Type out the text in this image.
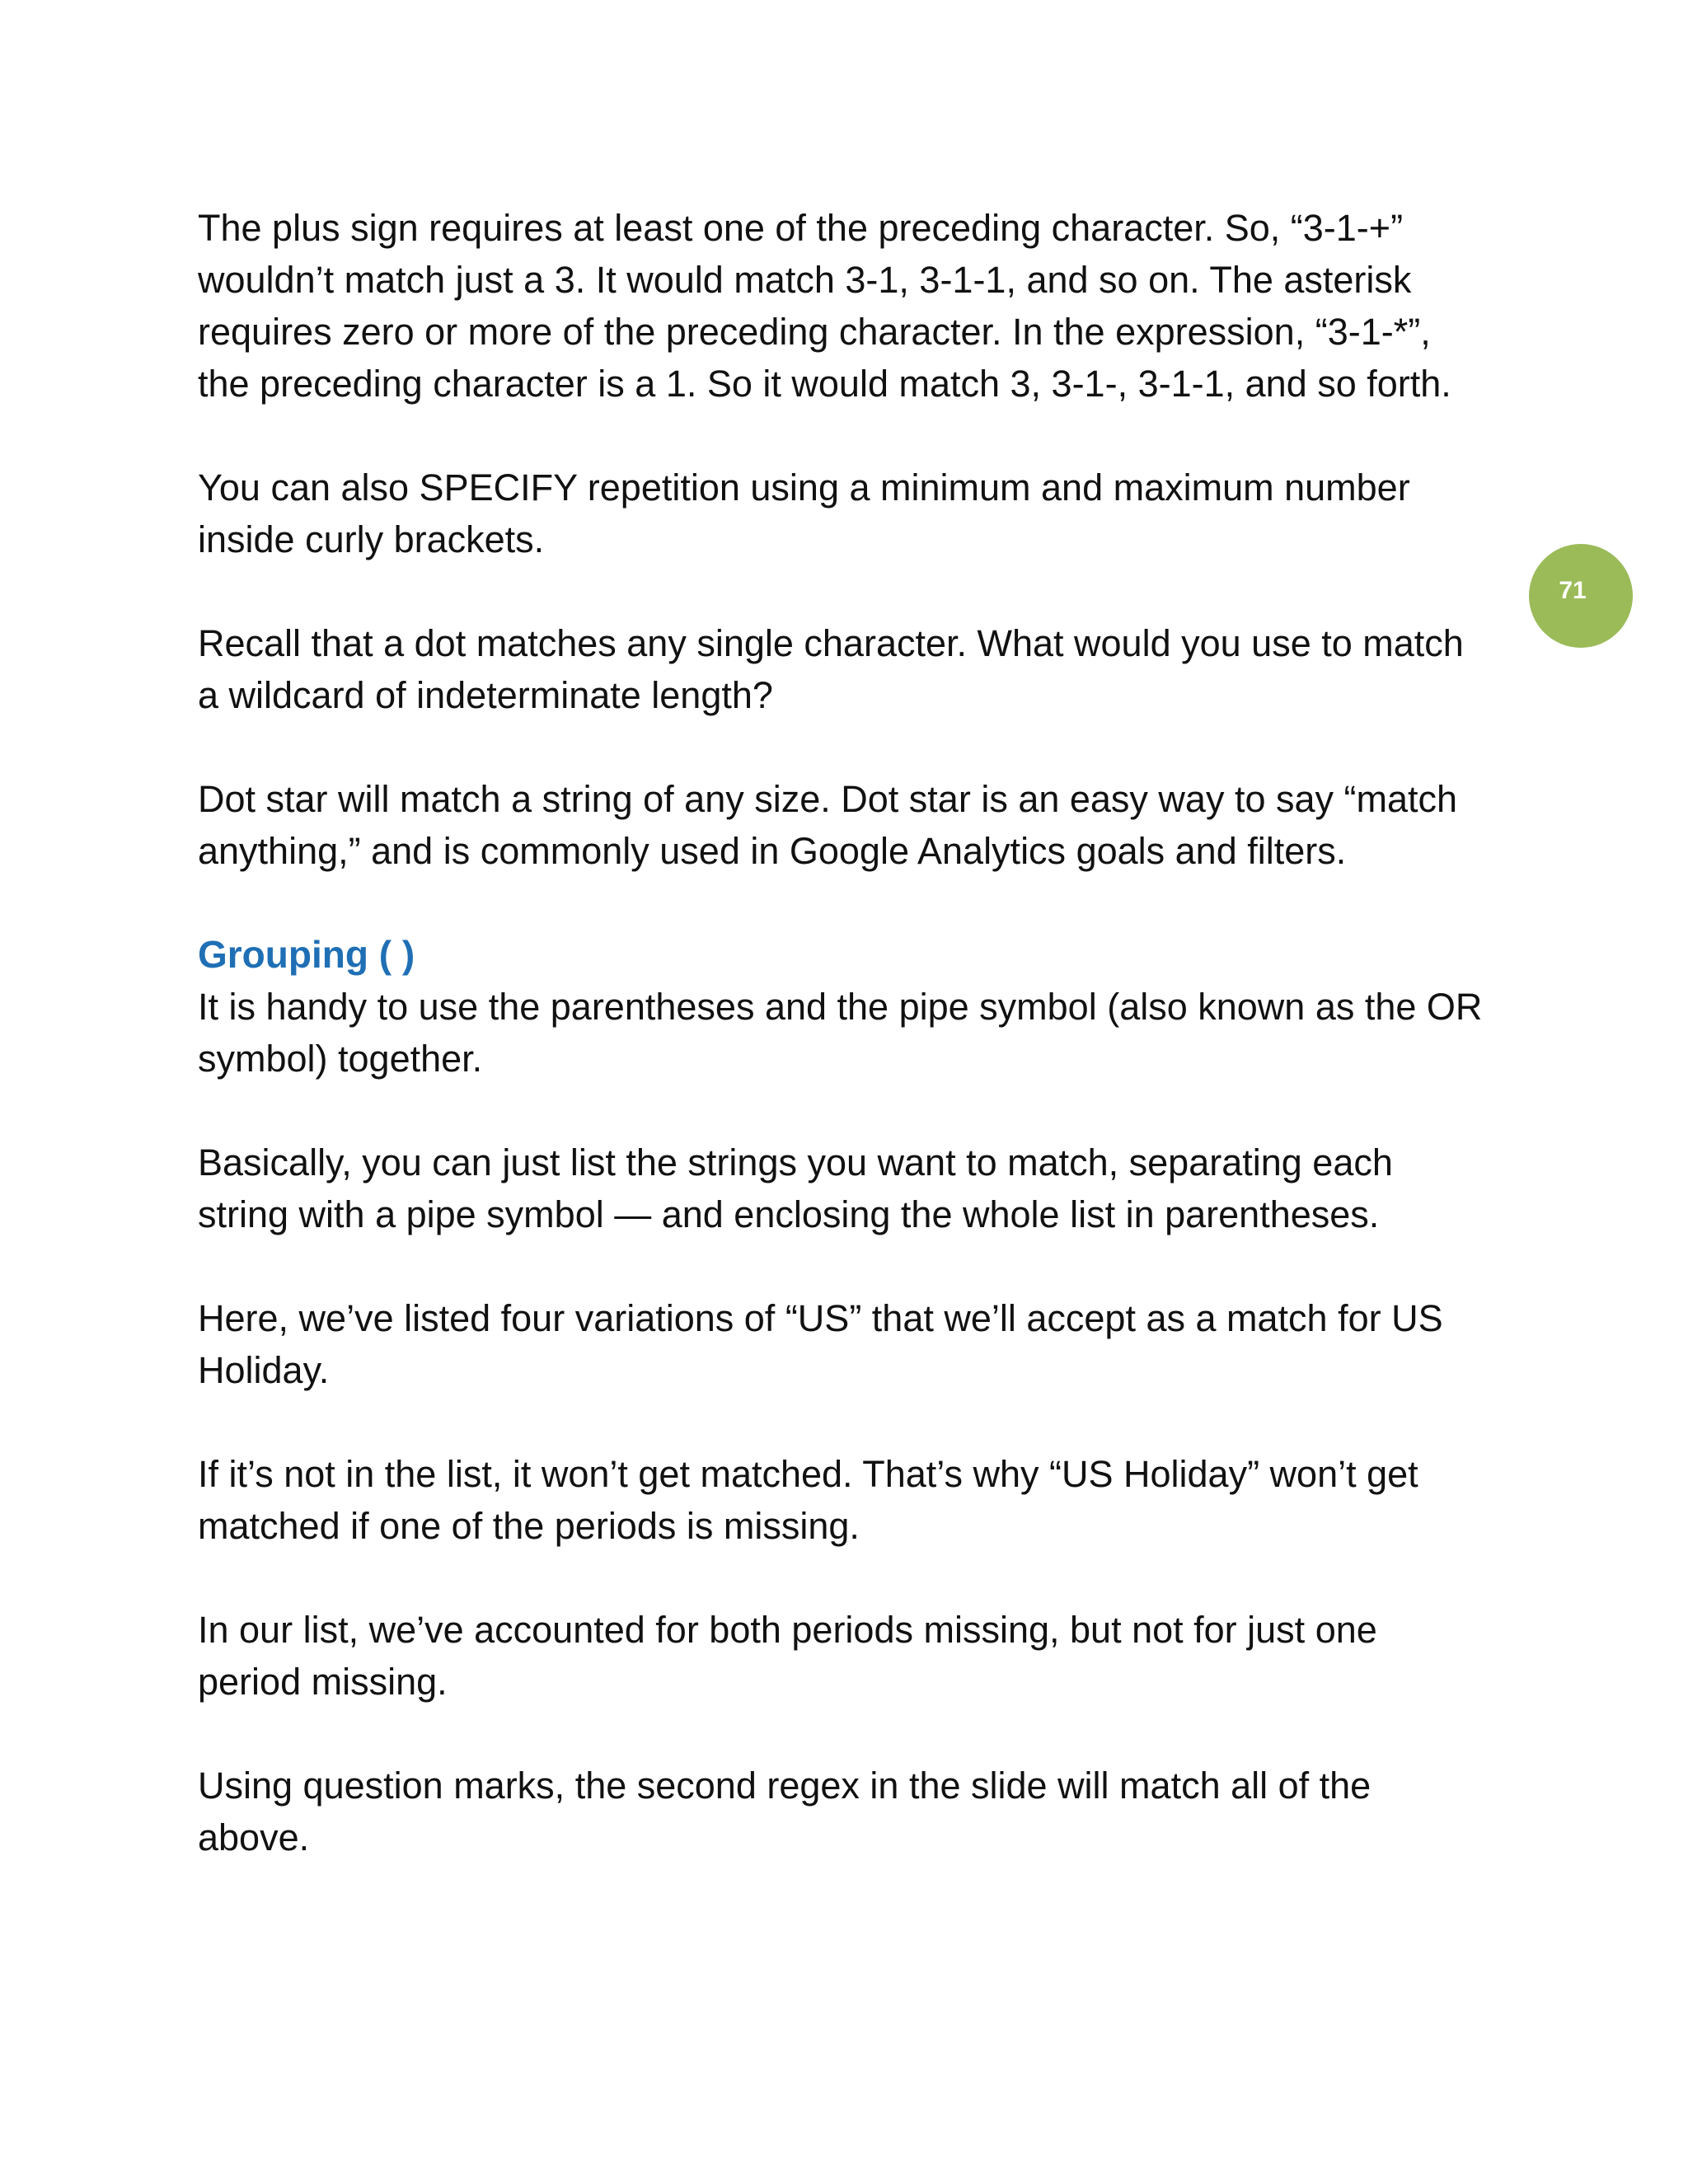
71

The plus sign requires at least one of the preceding character. So, “3-1-+” wouldn’t match just a 3. It would match 3-1, 3-1-1, and so on. The asterisk requires zero or more of the preceding character. In the expression, “3-1-*”, the preceding character is a 1. So it would match 3, 3-1-, 3-1-1, and so forth.

You can also SPECIFY repetition using a minimum and maximum number inside curly brackets.

Recall that a dot matches any single character. What would you use to match a wildcard of indeterminate length?

Dot star will match a string of any size. Dot star is an easy way to say “match anything,” and is commonly used in Google Analytics goals and filters.

Grouping ( )

It is handy to use the parentheses and the pipe symbol (also known as the OR symbol) together.

Basically, you can just list the strings you want to match, separating each string with a pipe symbol — and enclosing the whole list in parentheses.

Here, we’ve listed four variations of “US” that we’ll accept as a match for US Holiday.

If it’s not in the list, it won’t get matched. That’s why “US Holiday” won’t get matched if one of the periods is missing.

In our list, we’ve accounted for both periods missing, but not for just one period missing.

Using question marks, the second regex in the slide will match all of the above.
